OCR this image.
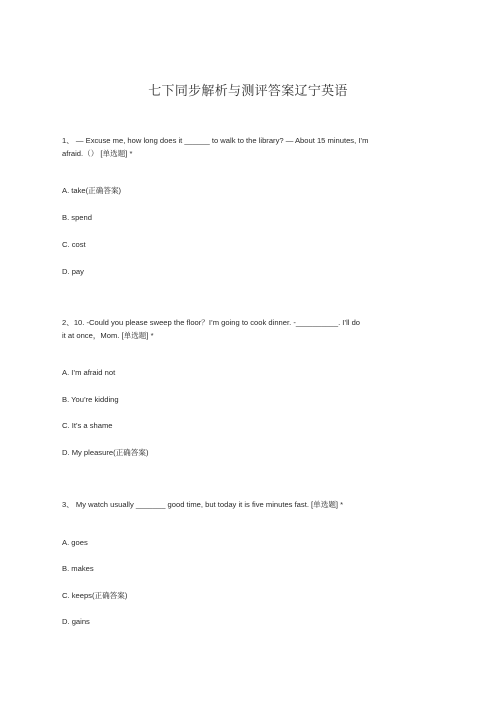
七下同步解析与测评答案辽宁英语
1、 — Excuse me, how long does it ______ to walk to the library? — About 15 minutes, I’m
afraid.（） [单选题] *
A. take(正确答案)
B. spend
C. cost
D. pay
2、10. -Could you please sweep the floor？I’m going to cook dinner. -__________. I’ll do
it at once，Mom. [单选题] *
A. I’m afraid not
B. You’re kidding
C. It’s a shame
D. My pleasure(正确答案)
3、 My watch usually _______ good time, but today it is five minutes fast. [单选题] *
A. goes
B. makes
C. keeps(正确答案)
D. gains
